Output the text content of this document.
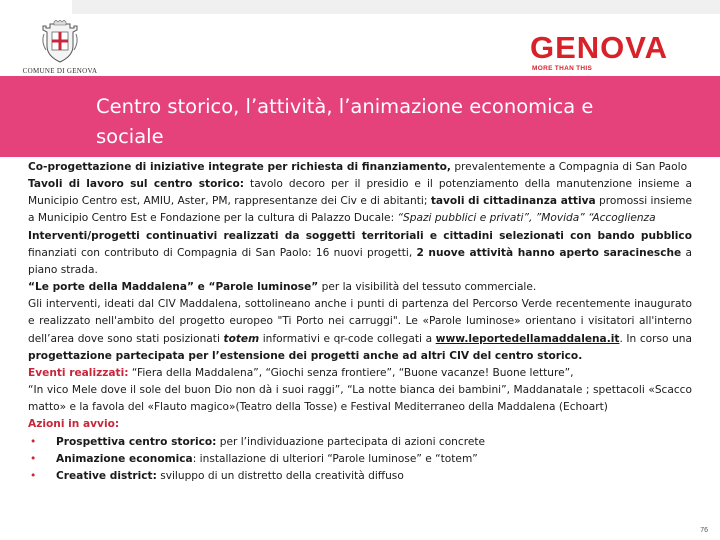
COMUNE DI GENOVA
GENOVA
MORE THAN THIS
Centro storico, l’attività, l’animazione economica e
sociale

Co-progettazione di iniziative integrate per richiesta di finanziamento, prevalentemente a Compagnia di San Paolo

Tavoli di lavoro sul centro storico: tavolo decoro per il presidio e il potenziamento della manutenzione insieme a Municipio Centro est, AMIU, Aster, PM, rappresentanze dei Civ e di abitanti; tavoli di cittadinanza attiva promossi insieme a Municipio Centro Est e Fondazione per la cultura di Palazzo Ducale: “Spazi pubblici e privati”, ”Movida” “Accoglienza

Interventi/progetti continuativi realizzati da soggetti territoriali e cittadini selezionati con bando pubblico finanziati con contributo di Compagnia di San Paolo: 16 nuovi progetti, 2 nuove attività hanno aperto saracinesche a piano strada.

“Le porte della Maddalena” e “Parole luminose” per la visibilità del tessuto commerciale.

Gli interventi, ideati dal CIV Maddalena, sottolineano anche i punti di partenza del Percorso Verde recentemente inaugurato e realizzato nell'ambito del progetto europeo "Ti Porto nei carruggi". Le «Parole luminose» orientano i visitatori all'interno dell’area dove sono stati posizionati totem informativi e qr-code collegati a www.leportedellamaddalena.it. In corso una progettazione partecipata per l’estensione dei progetti anche ad altri CIV del centro storico.

Eventi realizzati: “Fiera della Maddalena”, “Giochi senza frontiere”, “Buone vacanze! Buone letture”,

“In vico Mele dove il sole del buon Dio non dà i suoi raggi”, “La notte bianca dei bambini”, Maddanatale ; spettacoli «Scacco matto» e la favola del «Flauto magico»(Teatro della Tosse) e Festival Mediterraneo della Maddalena (Echoart)

Azioni in avvio:

• Prospettiva centro storico: per l’individuazione partecipata di azioni concrete
• Animazione economica: installazione di ulteriori “Parole luminose” e “totem”
• Creative district: sviluppo di un distretto della creatività diffuso
76
